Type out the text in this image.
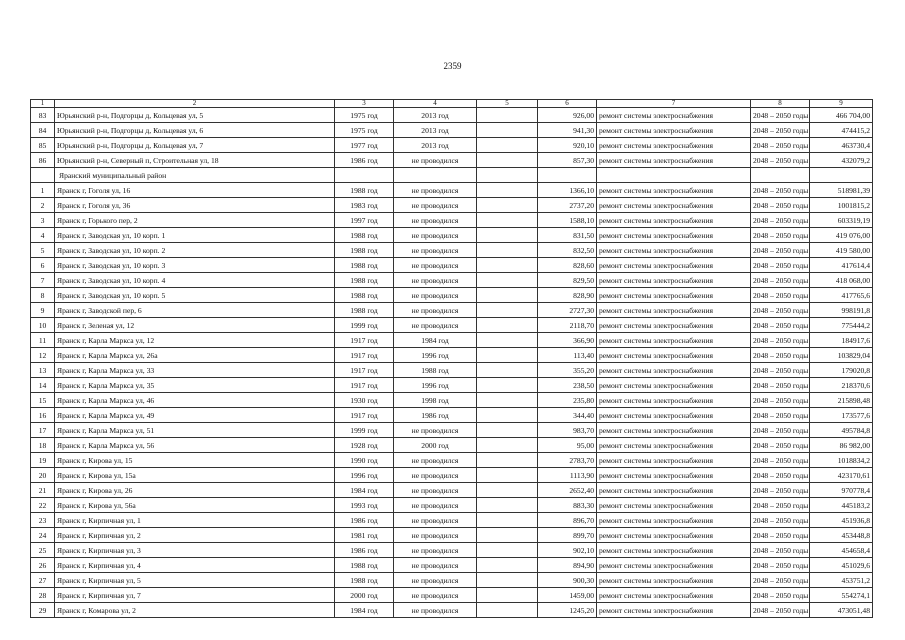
2359
1	2	3	4	5	6	7	8	9
83	Юрьянский р-н, Подгорцы д, Кольцевая ул, 5	1975 год	2013 год		926,00	ремонт системы электроснабжения	2048 – 2050 годы	466 704,00
84	Юрьянский р-н, Подгорцы д, Кольцевая ул, 6	1975 год	2013 год		941,30	ремонт системы электроснабжения	2048 – 2050 годы	474415,2
85	Юрьянский р-н, Подгорцы д, Кольцевая ул, 7	1977 год	2013 год		920,10	ремонт системы электроснабжения	2048 – 2050 годы	463730,4
86	Юрьянский р-н, Северный п, Строительная ул, 18	1986 год	не проводился		857,30	ремонт системы электроснабжения	2048 – 2050 годы	432079,2
	Яранский муниципальный район							
1	Яранск г, Гоголя ул, 16	1988 год	не проводился		1366,10	ремонт системы электроснабжения	2048 – 2050 годы	518981,39
2	Яранск г, Гоголя ул, 36	1983 год	не проводился		2737,20	ремонт системы электроснабжения	2048 – 2050 годы	1001815,2
3	Яранск г, Горького пер, 2	1997 год	не проводился		1588,10	ремонт системы электроснабжения	2048 – 2050 годы	603319,19
4	Яранск г, Заводская ул, 10 корп. 1	1988 год	не проводился		831,50	ремонт системы электроснабжения	2048 – 2050 годы	419 076,00
5	Яранск г, Заводская ул, 10 корп. 2	1988 год	не проводился		832,50	ремонт системы электроснабжения	2048 – 2050 годы	419 580,00
6	Яранск г, Заводская ул, 10 корп. 3	1988 год	не проводился		828,60	ремонт системы электроснабжения	2048 – 2050 годы	417614,4
7	Яранск г, Заводская ул, 10 корп. 4	1988 год	не проводился		829,50	ремонт системы электроснабжения	2048 – 2050 годы	418 068,00
8	Яранск г, Заводская ул, 10 корп. 5	1988 год	не проводился		828,90	ремонт системы электроснабжения	2048 – 2050 годы	417765,6
9	Яранск г, Заводской пер, 6	1988 год	не проводился		2727,30	ремонт системы электроснабжения	2048 – 2050 годы	998191,8
10	Яранск г, Зеленая ул, 12	1999 год	не проводился		2118,70	ремонт системы электроснабжения	2048 – 2050 годы	775444,2
11	Яранск г, Карла Маркса ул, 12	1917 год	1984 год		366,90	ремонт системы электроснабжения	2048 – 2050 годы	184917,6
12	Яранск г, Карла Маркса ул, 26а	1917 год	1996 год		113,40	ремонт системы электроснабжения	2048 – 2050 годы	103829,04
13	Яранск г, Карла Маркса ул, 33	1917 год	1988 год		355,20	ремонт системы электроснабжения	2048 – 2050 годы	179020,8
14	Яранск г, Карла Маркса ул, 35	1917 год	1996 год		238,50	ремонт системы электроснабжения	2048 – 2050 годы	218370,6
15	Яранск г, Карла Маркса ул, 46	1930 год	1998 год		235,80	ремонт системы электроснабжения	2048 – 2050 годы	215898,48
16	Яранск г, Карла Маркса ул, 49	1917 год	1986 год		344,40	ремонт системы электроснабжения	2048 – 2050 годы	173577,6
17	Яранск г, Карла Маркса ул, 51	1999 год	не проводился		983,70	ремонт системы электроснабжения	2048 – 2050 годы	495784,8
18	Яранск г, Карла Маркса ул, 56	1928 год	2000 год		95,00	ремонт системы электроснабжения	2048 – 2050 годы	86 982,00
19	Яранск г, Кирова ул, 15	1990 год	не проводился		2783,70	ремонт системы электроснабжения	2048 – 2050 годы	1018834,2
20	Яранск г, Кирова ул, 15а	1996 год	не проводился		1113,90	ремонт системы электроснабжения	2048 – 2050 годы	423170,61
21	Яранск г, Кирова ул, 26	1984 год	не проводился		2652,40	ремонт системы электроснабжения	2048 – 2050 годы	970778,4
22	Яранск г, Кирова ул, 56а	1993 год	не проводился		883,30	ремонт системы электроснабжения	2048 – 2050 годы	445183,2
23	Яранск г, Кирпичная ул, 1	1986 год	не проводился		896,70	ремонт системы электроснабжения	2048 – 2050 годы	451936,8
24	Яранск г, Кирпичная ул, 2	1981 год	не проводился		899,70	ремонт системы электроснабжения	2048 – 2050 годы	453448,8
25	Яранск г, Кирпичная ул, 3	1986 год	не проводился		902,10	ремонт системы электроснабжения	2048 – 2050 годы	454658,4
26	Яранск г, Кирпичная ул, 4	1988 год	не проводился		894,90	ремонт системы электроснабжения	2048 – 2050 годы	451029,6
27	Яранск г, Кирпичная ул, 5	1988 год	не проводился		900,30	ремонт системы электроснабжения	2048 – 2050 годы	453751,2
28	Яранск г, Кирпичная ул, 7	2000 год	не проводился		1459,00	ремонт системы электроснабжения	2048 – 2050 годы	554274,1
29	Яранск г, Комарова ул, 2	1984 год	не проводился		1245,20	ремонт системы электроснабжения	2048 – 2050 годы	473051,48
